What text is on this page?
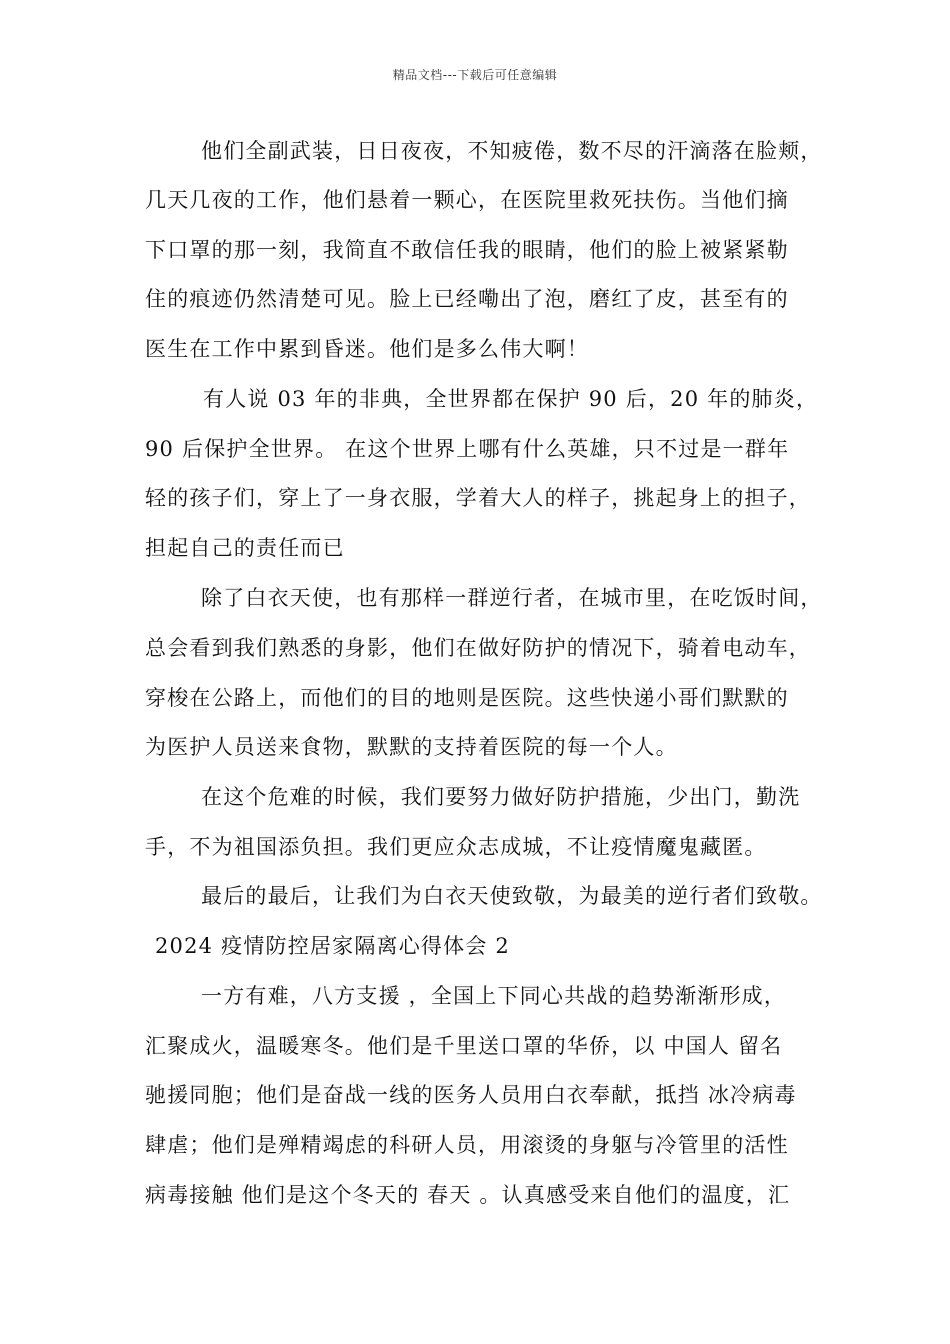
精品文档---下载后可任意编辑
他们全副武装，日日夜夜，不知疲倦，数不尽的汗滴落在脸颊，
几天几夜的工作，他们悬着一颗心，在医院里救死扶伤。当他们摘
下口罩的那一刻，我简直不敢信任我的眼睛，他们的脸上被紧紧勒
住的痕迹仍然清楚可见。脸上已经嘞出了泡，磨红了皮，甚至有的
医生在工作中累到昏迷。他们是多么伟大啊！
有人说 03 年的非典，全世界都在保护 90 后，20 年的肺炎，
90 后保护全世界。 在这个世界上哪有什么英雄，只不过是一群年
轻的孩子们，穿上了一身衣服，学着大人的样子，挑起身上的担子，
担起自己的责任而已
除了白衣天使，也有那样一群逆行者，在城市里，在吃饭时间，
总会看到我们熟悉的身影，他们在做好防护的情况下，骑着电动车，
穿梭在公路上，而他们的目的地则是医院。这些快递小哥们默默的
为医护人员送来食物，默默的支持着医院的每一个人。
在这个危难的时候，我们要努力做好防护措施，少出门，勤洗
手，不为祖国添负担。我们更应众志成城，不让疫情魔鬼藏匿。
最后的最后，让我们为白衣天使致敬，为最美的逆行者们致敬。
2024 疫情防控居家隔离心得体会 2
一方有难，八方支援 ，全国上下同心共战的趋势渐渐形成，
汇聚成火，温暖寒冬。他们是千里送口罩的华侨，以 中国人 留名
驰援同胞；他们是奋战一线的医务人员用白衣奉献，抵挡 冰冷病毒
肆虐；他们是殚精竭虑的科研人员，用滚烫的身躯与冷管里的活性
病毒接触 他们是这个冬天的 春天 。认真感受来自他们的温度，汇
